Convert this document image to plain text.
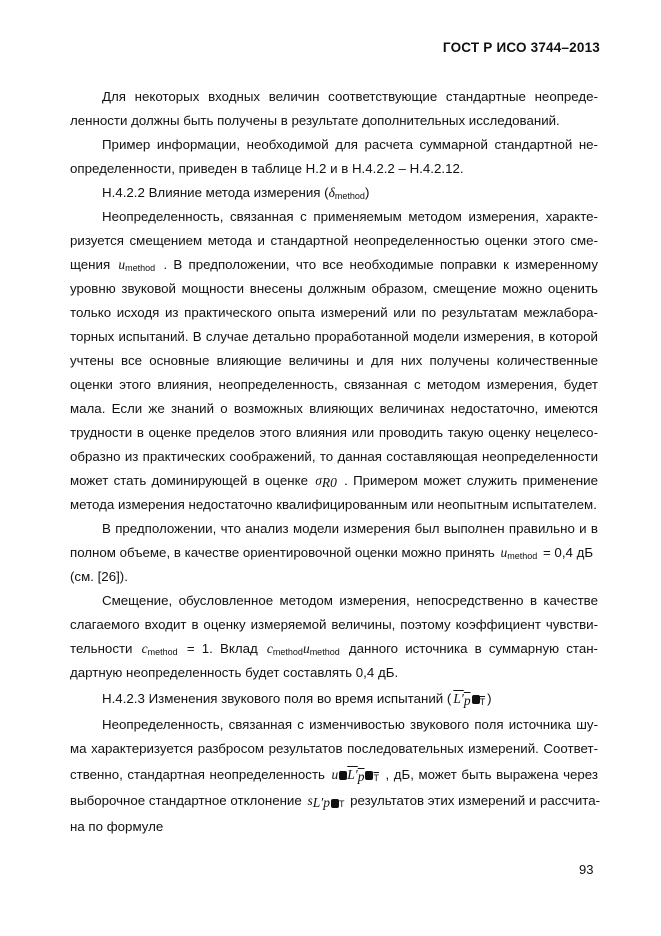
ГОСТ Р ИСО 3744–2013
Для некоторых входных величин соответствующие стандартные неопреде-
ленности должны быть получены в результате дополнительных исследований.
Пример информации, необходимой для расчета суммарной стандартной не-
определенности, приведен в таблице Н.2 и в Н.4.2.2 – Н.4.2.12.
Н.4.2.2 Влияние метода измерения (δmethod)
Неопределенность, связанная с применяемым методом измерения, характе-
ризуется смещением метода и стандартной неопределенностью оценки этого сме-
щения umethod . В предположении, что все необходимые поправки к измеренному
уровню звуковой мощности внесены должным образом, смещение можно оценить
только исходя из практического опыта измерений или по результатам межлабора-
торных испытаний. В случае детально проработанной модели измерения, в которой
учтены все основные влияющие величины и для них получены количественные
оценки этого влияния, неопределенность, связанная с методом измерения, будет
мала. Если же знаний о возможных влияющих величинах недостаточно, имеются
трудности в оценке пределов этого влияния или проводить такую оценку нецелесо-
образно из практических соображений, то данная составляющая неопределенности
может стать доминирующей в оценке σR0 . Примером может служить применение
метода измерения недостаточно квалифицированным или неопытным испытателем.
В предположении, что анализ модели измерения был выполнен правильно и в
полном объеме, в качестве ориентировочной оценки можно принять umethod = 0,4 дБ
(см. [26]).
Смещение, обусловленное методом измерения, непосредственно в качестве
слагаемого входит в оценку измеряемой величины, поэтому коэффициент чувстви-
тельности cmethod = 1. Вклад cmethodumethod данного источника в суммарную стан-
дартную неопределенность будет составлять 0,4 дБ.
Н.4.2.3 Изменения звукового поля во время испытаний ( L′p T )
Неопределенность, связанная с изменчивостью звукового поля источника шу-
ма характеризуется разбросом результатов последовательных измерений. Соответ-
ственно, стандартная неопределенность u L′p T , дБ, может быть выражена через
выборочное стандартное отклонение sL′p T результатов этих измерений и рассчита-
на по формуле
93
